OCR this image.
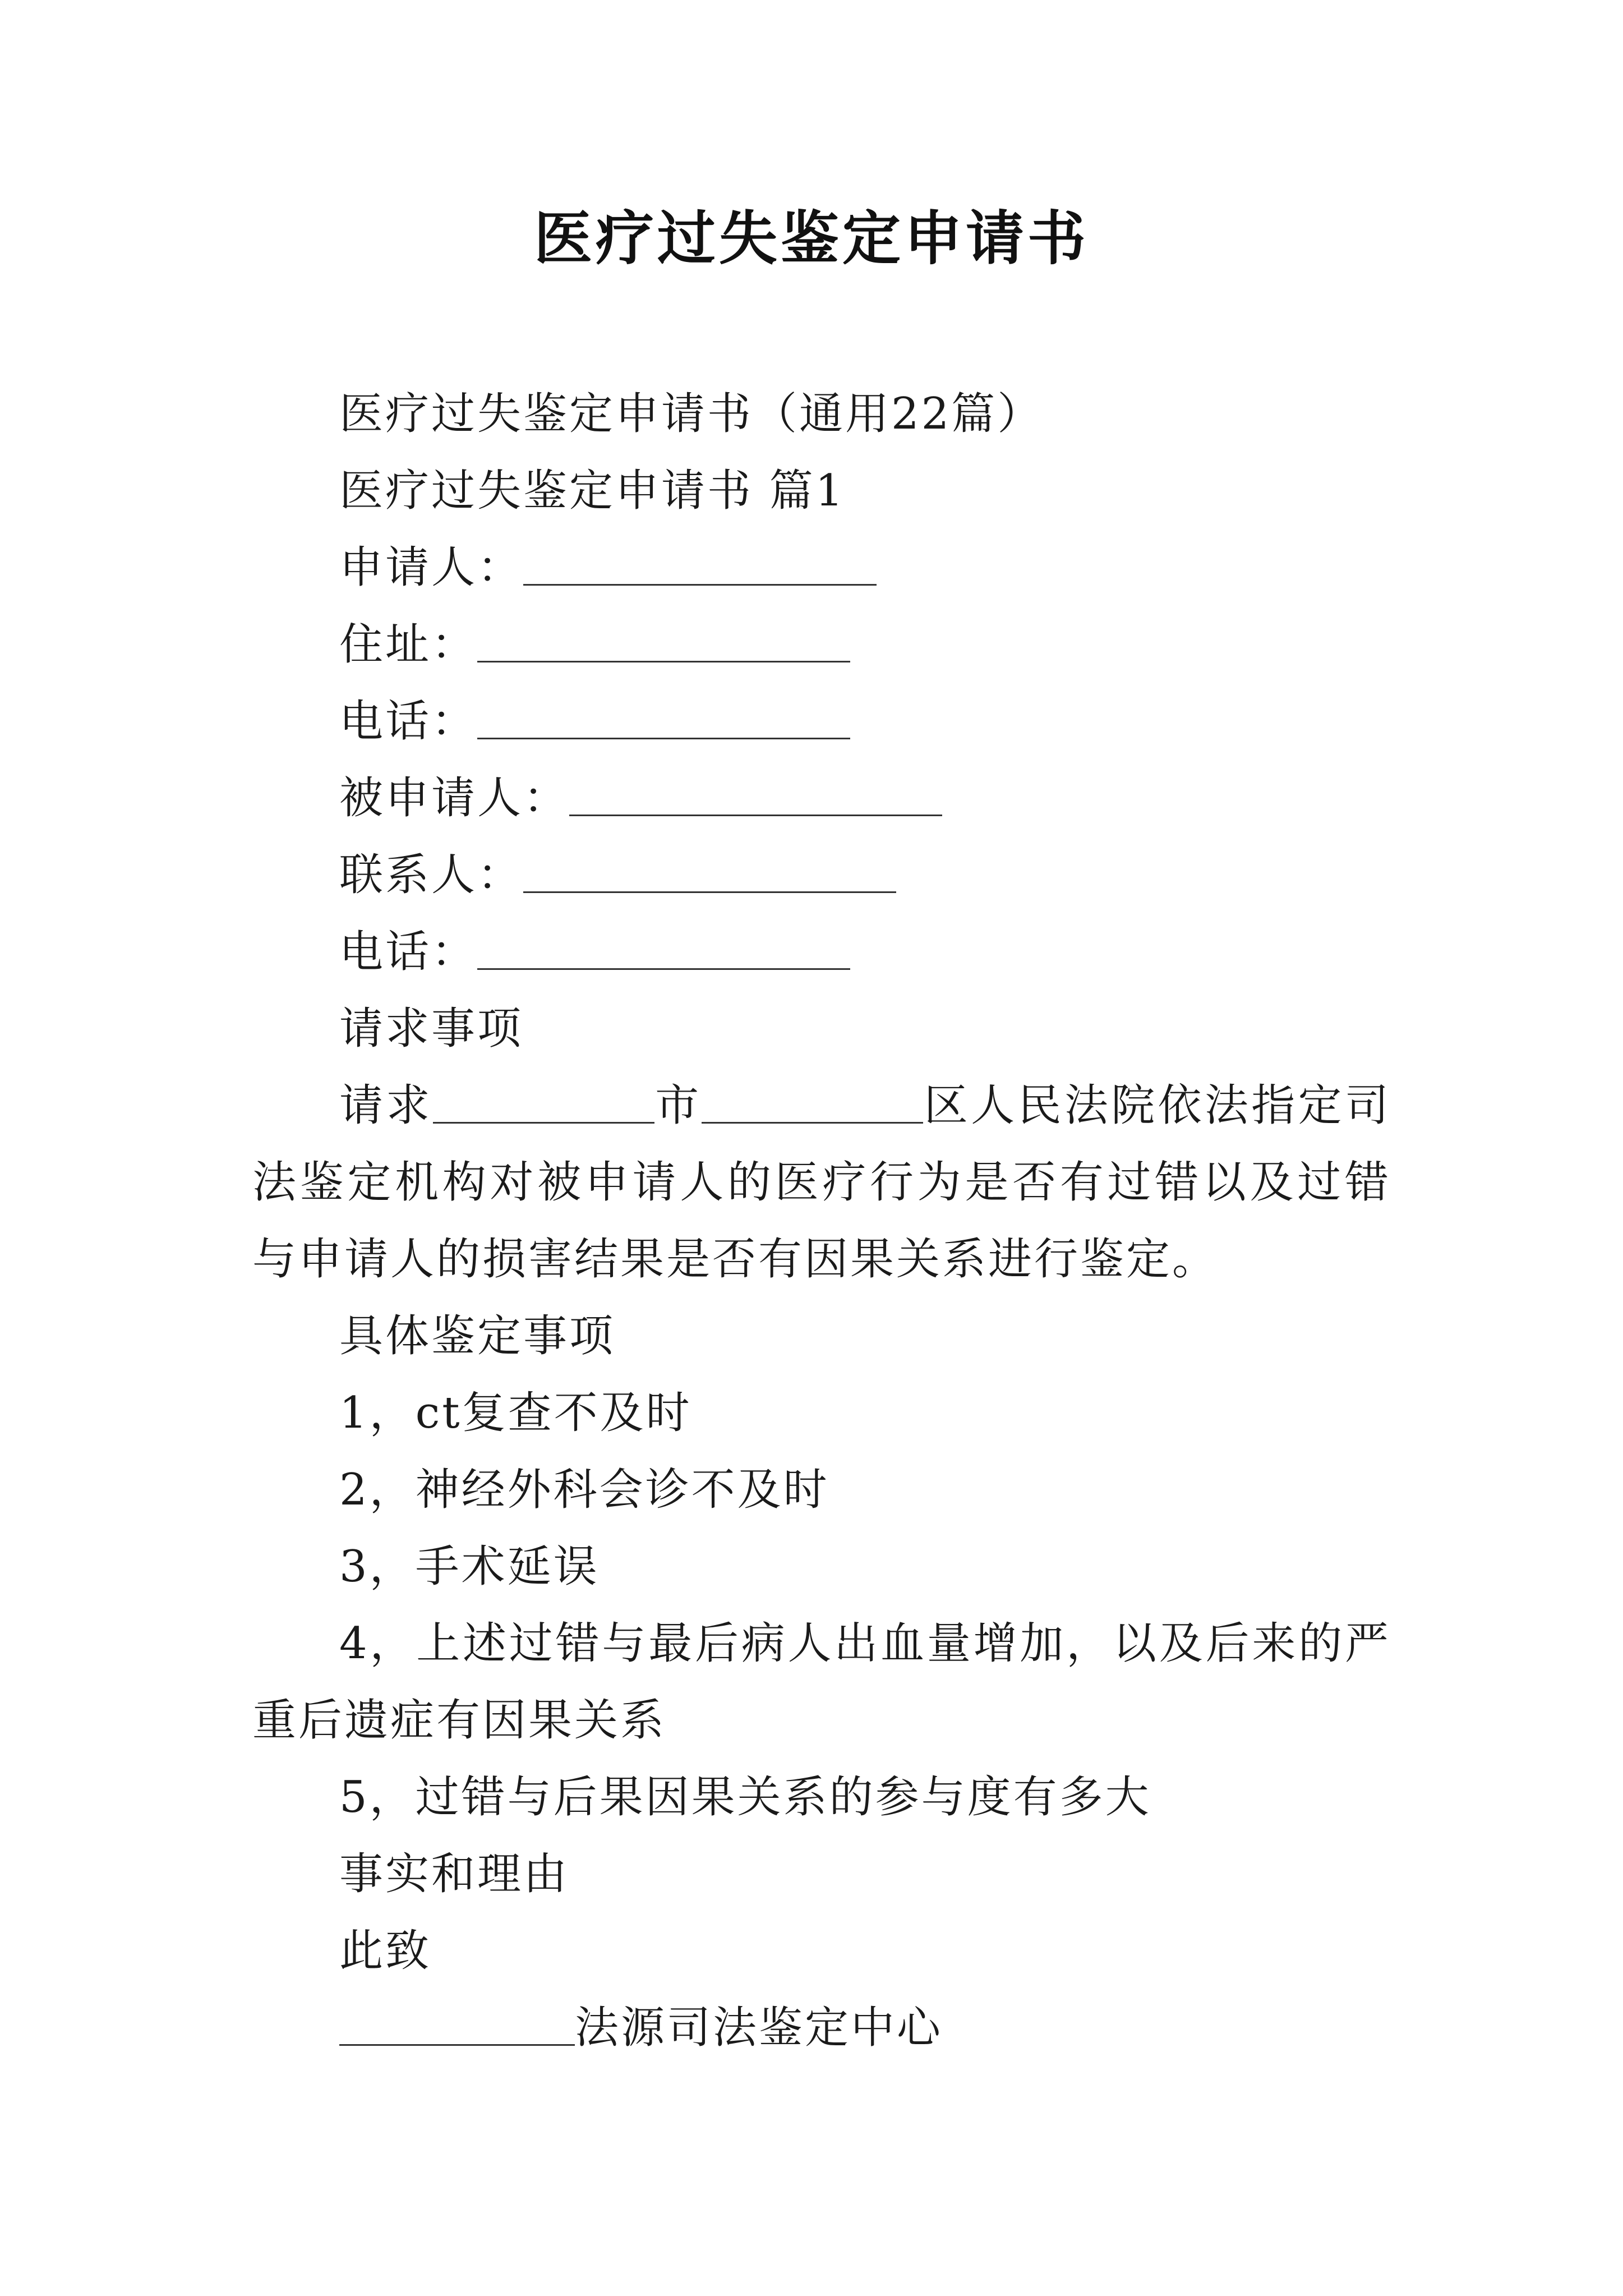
医疗过失鉴定申请书

医疗过失鉴定申请书（通用22篇）

医疗过失鉴定申请书 篇1

申请人：

住址：

电话：

被申请人：

联系人：

电话：

请求事项

请求	市	区人民法院依法指定司法鉴定机构对被申请人的医疗行为是否有过错以及过错与申请人的损害结果是否有因果关系进行鉴定。

具体鉴定事项

1，ct复查不及时

2，神经外科会诊不及时

3，手术延误

4，上述过错与最后病人出血量增加，以及后来的严重后遗症有因果关系

5，过错与后果因果关系的参与度有多大

事实和理由

此致

法源司法鉴定中心
